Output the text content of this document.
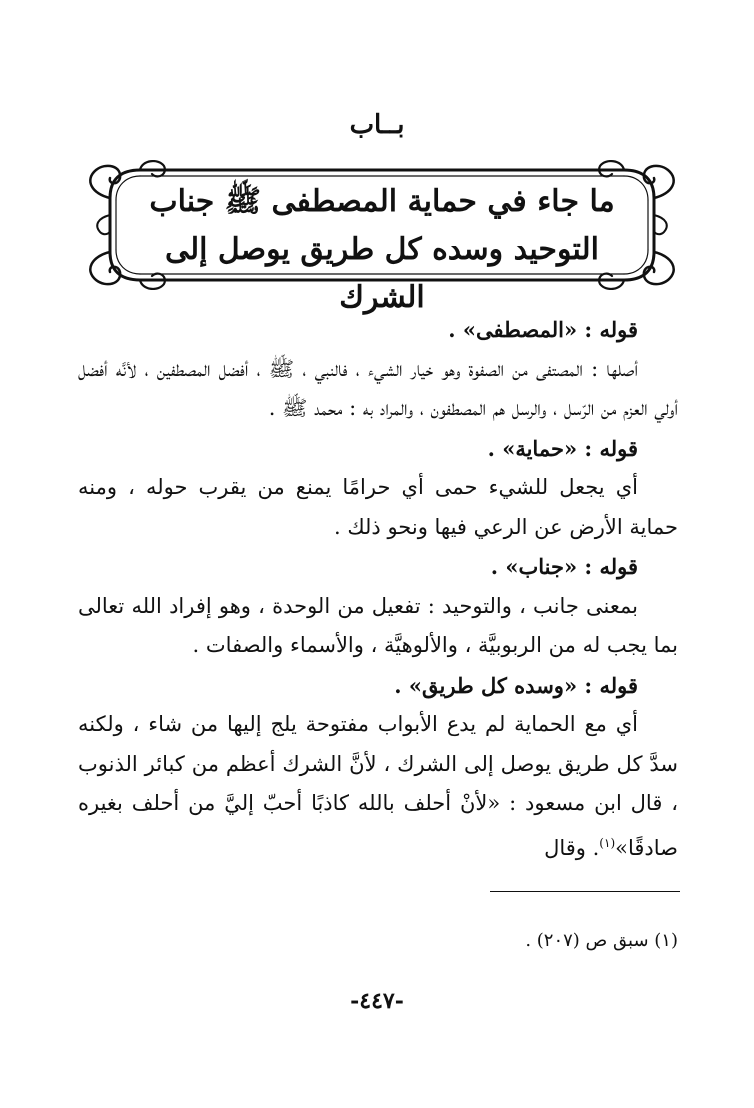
بــاب
ما جاء في حماية المصطفى ﷺ جناب
التوحيد وسده كل طريق يوصل إلى الشرك

قوله : «المصطفى» .

أصلها : المصتفى من الصفوة وهو خيار الشيء ، فالنبي ، ﷺ ، أفضل المصطفين ، لأنَّه أفضل أولي العزم من الرّسل ، والرسل هم المصطفون ، والمراد به : محمد ﷺ .

قوله : «حماية» .

أي يجعل للشيء حمى أي حرامًا يمنع من يقرب حوله ، ومنه حماية الأرض عن الرعي فيها ونحو ذلك .

قوله : «جناب» .

بمعنى جانب ، والتوحيد : تفعيل من الوحدة ، وهو إفراد الله تعالى بما يجب له من الربوبيَّة ، والألوهيَّة ، والأسماء والصفات .

قوله : «وسده كل طريق» .

أي مع الحماية لم يدع الأبواب مفتوحة يلج إليها من شاء ، ولكنه سدَّ كل طريق يوصل إلى الشرك ، لأنَّ الشرك أعظم من كبائر الذنوب ، قال ابن مسعود : «لأنْ أحلف بالله كاذبًا أحبّ إليَّ من أحلف بغيره صادقًا»$^{(١)}$. وقال

(١) سبق ص (٢٠٧) .
-٤٤٧-
